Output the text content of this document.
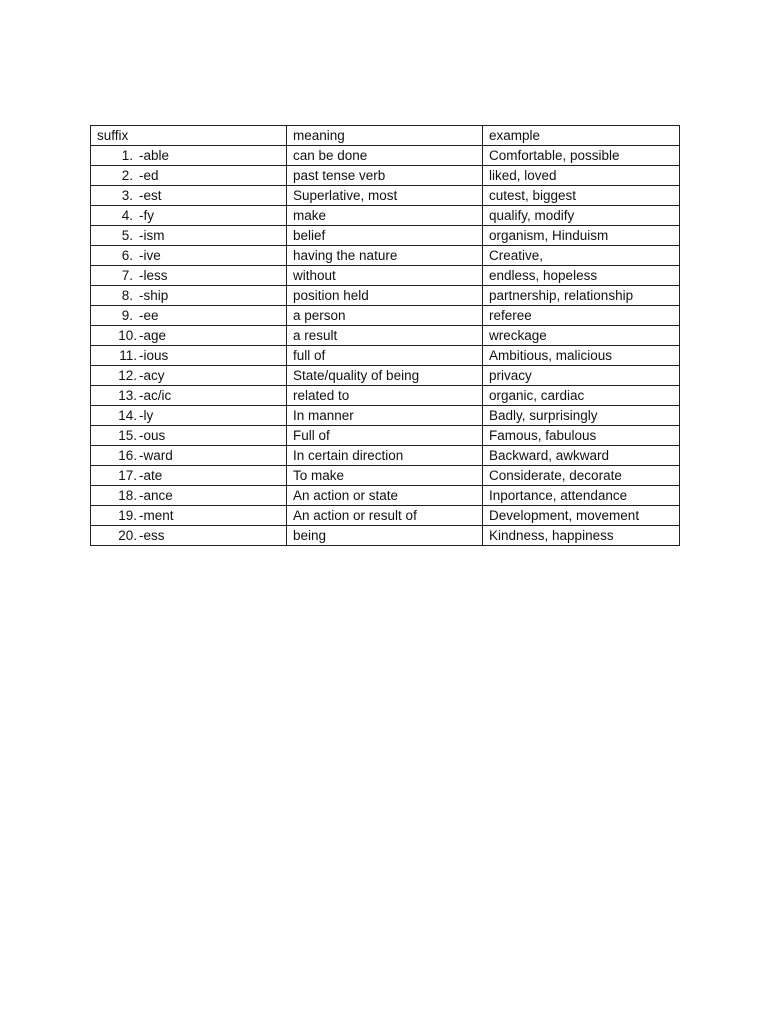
suffix	meaning	example
1. -able	can be done	Comfortable, possible
2. -ed	past tense verb	liked, loved
3. -est	Superlative, most	cutest, biggest
4. -fy	make	qualify, modify
5. -ism	belief	organism, Hinduism
6. -ive	having the nature	Creative,
7. -less	without	endless, hopeless
8. -ship	position held	partnership, relationship
9. -ee	a person	referee
10. -age	a result	wreckage
11. -ious	full of	Ambitious, malicious
12. -acy	State/quality of being	privacy
13. -ac/ic	related to	organic, cardiac
14. -ly	In manner	Badly, surprisingly
15. -ous	Full of	Famous, fabulous
16. -ward	In certain direction	Backward, awkward
17. -ate	To make	Considerate, decorate
18. -ance	An action or state	Inportance, attendance
19. -ment	An action or result of	Development, movement
20. -ess	being	Kindness, happiness
